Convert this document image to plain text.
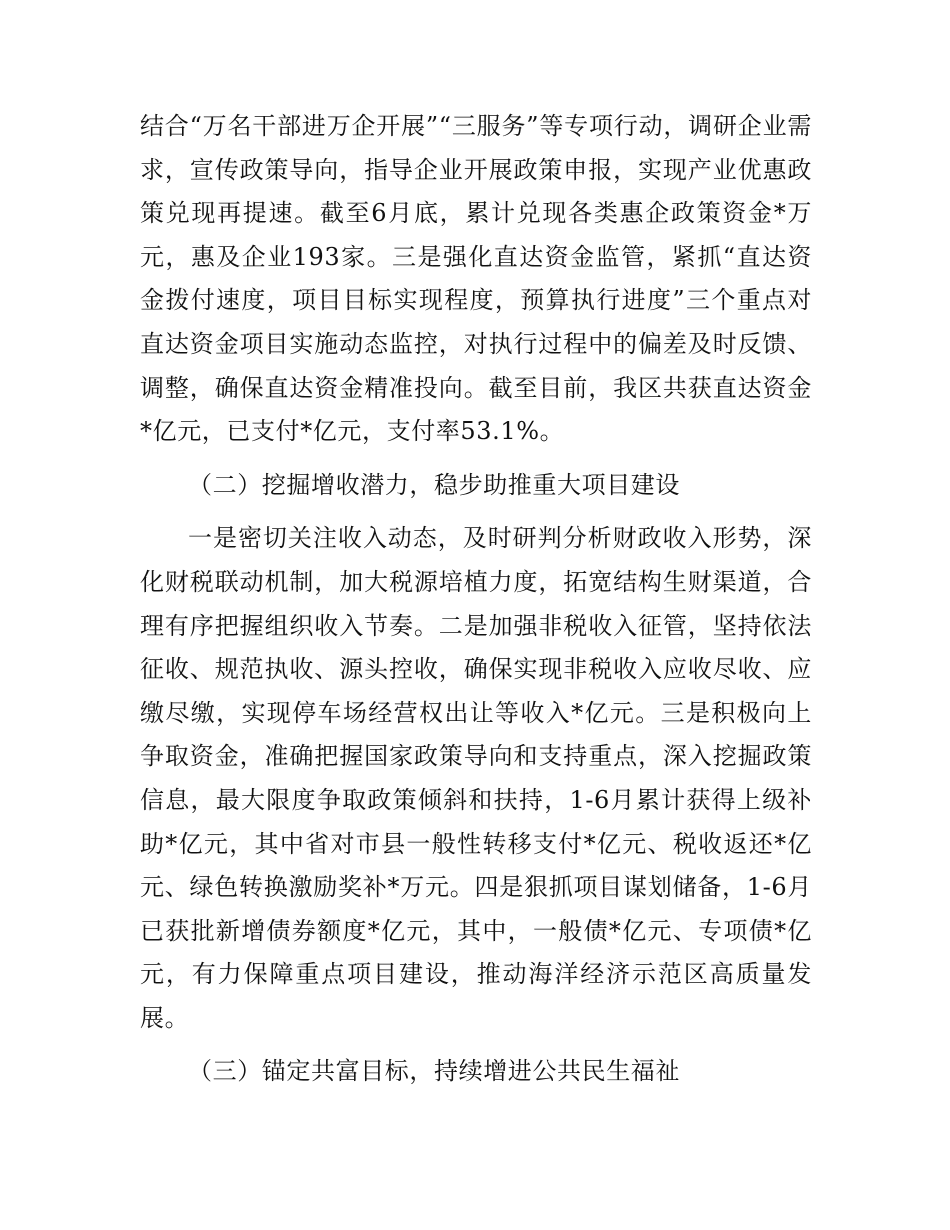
结合“万名干部进万企开展”“三服务”等专项行动，调研企业需求，宣传政策导向，指导企业开展政策申报，实现产业优惠政策兑现再提速。截至6月底，累计兑现各类惠企政策资金*万元，惠及企业193家。三是强化直达资金监管，紧抓“直达资金拨付速度，项目目标实现程度，预算执行进度”三个重点对直达资金项目实施动态监控，对执行过程中的偏差及时反馈、调整，确保直达资金精准投向。截至目前，我区共获直达资金*亿元，已支付*亿元，支付率53.1%。

（二）挖掘增收潜力，稳步助推重大项目建设

一是密切关注收入动态，及时研判分析财政收入形势，深化财税联动机制，加大税源培植力度，拓宽结构生财渠道，合理有序把握组织收入节奏。二是加强非税收入征管，坚持依法征收、规范执收、源头控收，确保实现非税收入应收尽收、应缴尽缴，实现停车场经营权出让等收入*亿元。三是积极向上争取资金，准确把握国家政策导向和支持重点，深入挖掘政策信息，最大限度争取政策倾斜和扶持，1-6月累计获得上级补助*亿元，其中省对市县一般性转移支付*亿元、税收返还*亿元、绿色转换激励奖补*万元。四是狠抓项目谋划储备，1-6月已获批新增债券额度*亿元，其中，一般债*亿元、专项债*亿元，有力保障重点项目建设，推动海洋经济示范区高质量发展。

（三）锚定共富目标，持续增进公共民生福祉
